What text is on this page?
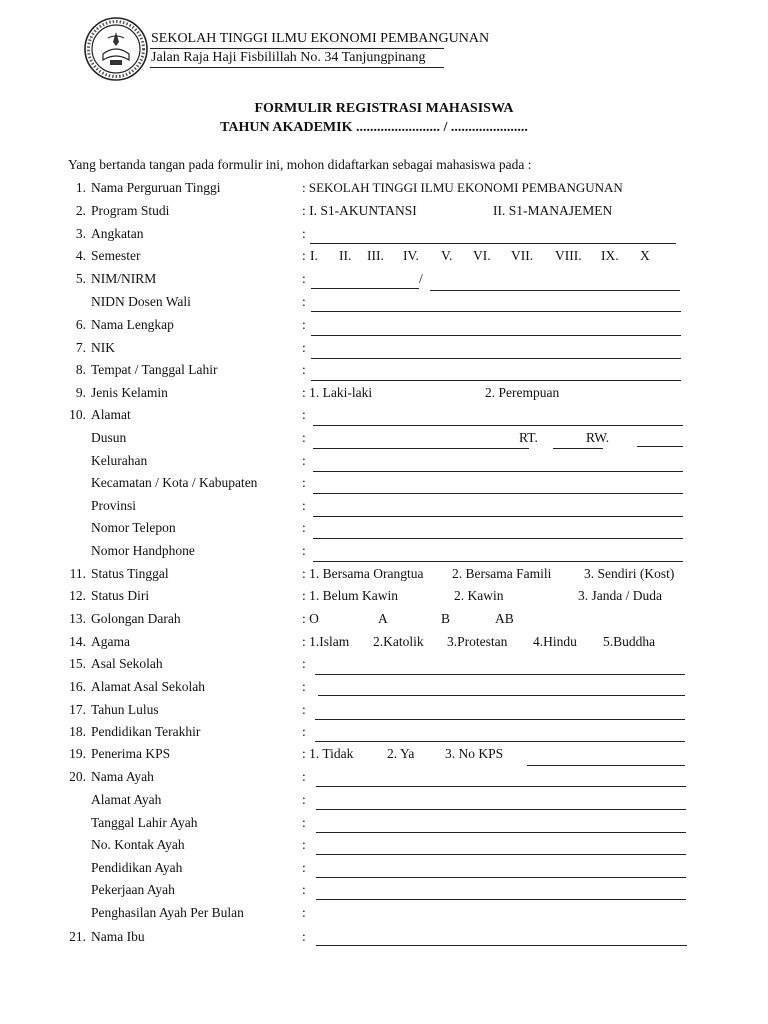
SEKOLAH TINGGI ILMU EKONOMI PEMBANGUNAN
Jalan Raja Haji Fisbilillah No. 34 Tanjungpinang
FORMULIR REGISTRASI MAHASISWA
TAHUN AKADEMIK ........................ / ......................
Yang bertanda tangan pada formulir ini, mohon didaftarkan sebagai mahasiswa pada :
1. Nama Perguruan Tinggi	: SEKOLAH TINGGI ILMU EKONOMI PEMBANGUNAN
2. Program Studi	: I. S1-AKUNTANSI	II. S1-MANAJEMEN
3. Angkatan	:
4. Semester	: I. II. III. IV. V. VI. VII. VIII. IX. X
5. NIM/NIRM	:	/
NIDN Dosen Wali	:
6. Nama Lengkap	:
7. NIK	:
8. Tempat / Tanggal Lahir	:
9. Jenis Kelamin	: 1. Laki-laki	2. Perempuan
10. Alamat	:
Dusun	:	RT.	RW.
Kelurahan	:
Kecamatan / Kota / Kabupaten	:
Provinsi	:
Nomor Telepon	:
Nomor Handphone	:
11. Status Tinggal	: 1. Bersama Orangtua 2. Bersama Famili 3. Sendiri (Kost)
12. Status Diri	: 1. Belum Kawin	2. Kawin	3. Janda / Duda
13. Golongan Darah	: O	A	B	AB
14. Agama	: 1.Islam 2.Katolik 3.Protestan 4.Hindu 5.Buddha
15. Asal Sekolah	:
16. Alamat Asal Sekolah	:
17. Tahun Lulus	:
18. Pendidikan Terakhir	:
19. Penerima KPS	: 1. Tidak 2. Ya 3. No KPS
20. Nama Ayah	:
Alamat Ayah	:
Tanggal Lahir Ayah	:
No. Kontak Ayah	:
Pendidikan Ayah	:
Pekerjaan Ayah	:
Penghasilan Ayah Per Bulan	:
21. Nama Ibu	:
